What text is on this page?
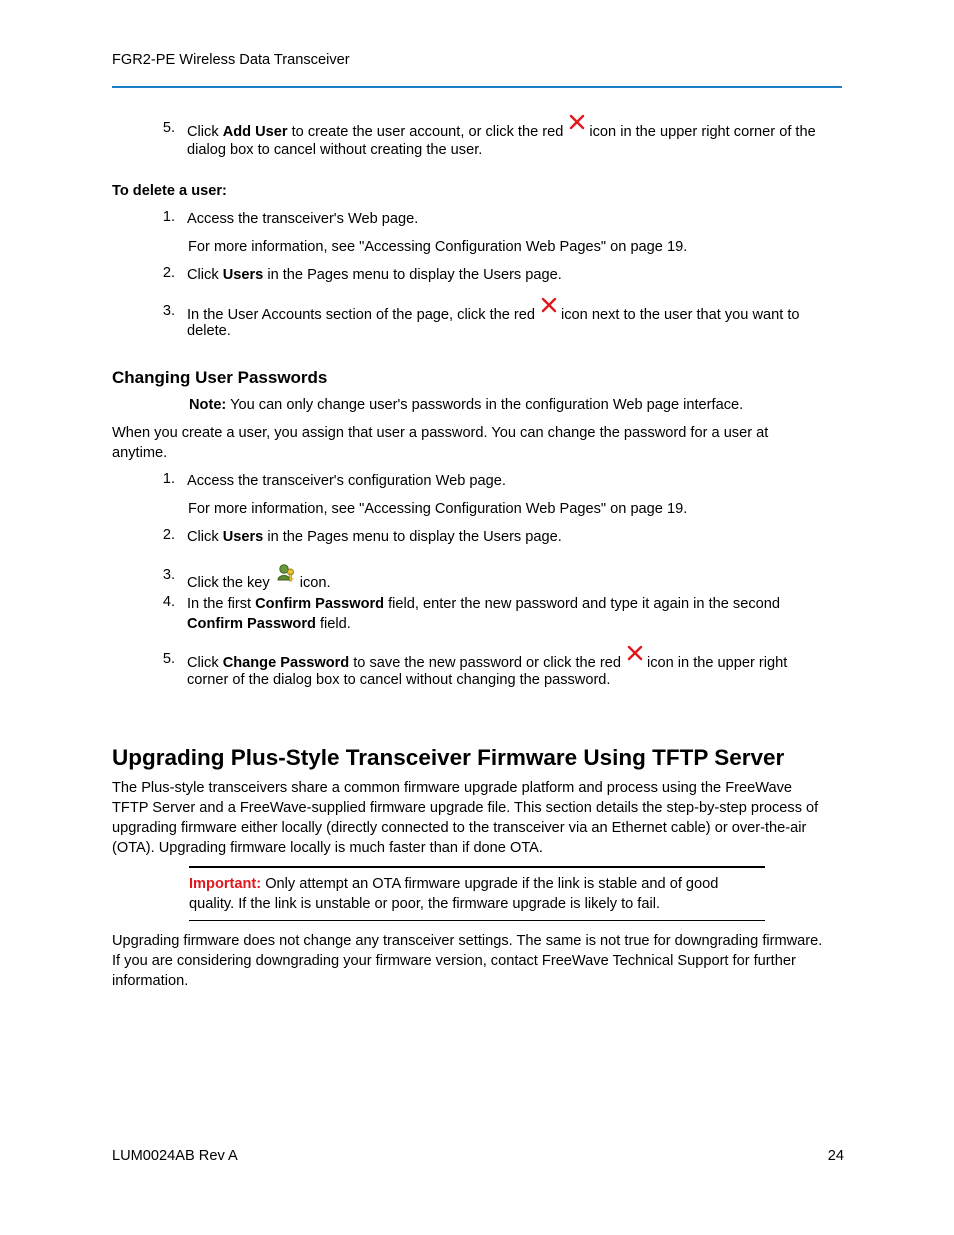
FGR2-PE Wireless Data Transceiver
5. Click Add User to create the user account, or click the red icon in the upper right corner of the
dialog box to cancel without creating the user.
To delete a user:
1. Access the transceiver's Web page.
For more information, see "Accessing Configuration Web Pages" on page 19.
2. Click Users in the Pages menu to display the Users page.
3. In the User Accounts section of the page, click the red icon next to the user that you want to
delete.
Changing User Passwords
Note: You can only change user's passwords in the configuration Web page interface.
When you create a user, you assign that user a password. You can change the password for a user at
anytime.
1. Access the transceiver's configuration Web page.
For more information, see "Accessing Configuration Web Pages" on page 19.
2. Click Users in the Pages menu to display the Users page.
3. Click the key icon.
4. In the first Confirm Password field, enter the new password and type it again in the second
Confirm Password field.
5. Click Change Password to save the new password or click the red icon in the upper right
corner of the dialog box to cancel without changing the password.
Upgrading Plus-Style Transceiver Firmware Using TFTP Server
The Plus-style transceivers share a common firmware upgrade platform and process using the FreeWave
TFTP Server and a FreeWave-supplied firmware upgrade file. This section details the step-by-step process of
upgrading firmware either locally (directly connected to the transceiver via an Ethernet cable) or over-the-air
(OTA). Upgrading firmware locally is much faster than if done OTA.
Important: Only attempt an OTA firmware upgrade if the link is stable and of good
quality. If the link is unstable or poor, the firmware upgrade is likely to fail.
Upgrading firmware does not change any transceiver settings. The same is not true for downgrading firmware.
If you are considering downgrading your firmware version, contact FreeWave Technical Support for further
information.
LUM0024AB Rev A	24
